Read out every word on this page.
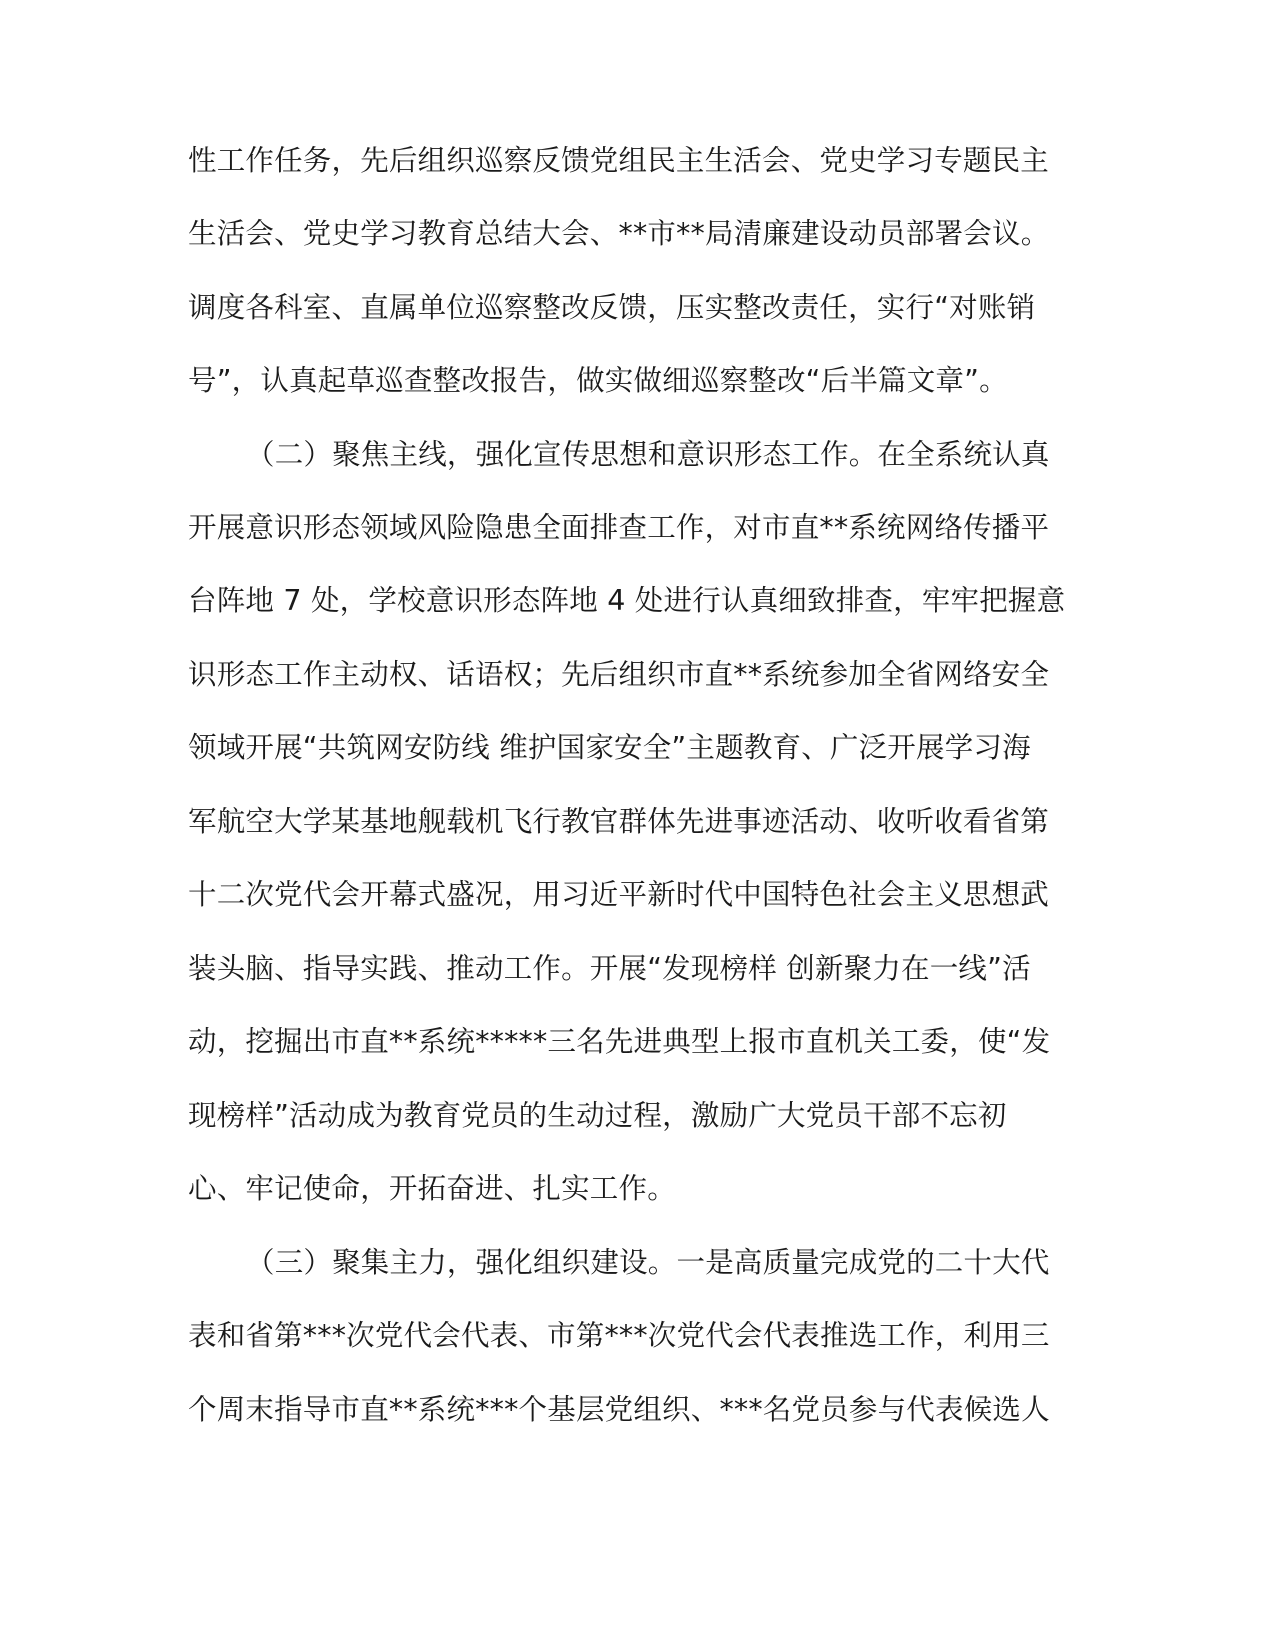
性工作任务，先后组织巡察反馈党组民主生活会、党史学习专题民主
生活会、党史学习教育总结大会、**市**局清廉建设动员部署会议。
调度各科室、直属单位巡察整改反馈，压实整改责任，实行“对账销
号”，认真起草巡查整改报告，做实做细巡察整改“后半篇文章”。
（二）聚焦主线，强化宣传思想和意识形态工作。在全系统认真
开展意识形态领域风险隐患全面排查工作，对市直**系统网络传播平
台阵地 7 处，学校意识形态阵地 4 处进行认真细致排查，牢牢把握意
识形态工作主动权、话语权；先后组织市直**系统参加全省网络安全
领域开展“共筑网安防线 维护国家安全”主题教育、广泛开展学习海
军航空大学某基地舰载机飞行教官群体先进事迹活动、收听收看省第
十二次党代会开幕式盛况，用习近平新时代中国特色社会主义思想武
装头脑、指导实践、推动工作。开展“发现榜样 创新聚力在一线”活
动，挖掘出市直**系统*****三名先进典型上报市直机关工委，使“发
现榜样”活动成为教育党员的生动过程，激励广大党员干部不忘初
心、牢记使命，开拓奋进、扎实工作。
（三）聚集主力，强化组织建设。一是高质量完成党的二十大代
表和省第***次党代会代表、市第***次党代会代表推选工作，利用三
个周末指导市直**系统***个基层党组织、***名党员参与代表候选人
